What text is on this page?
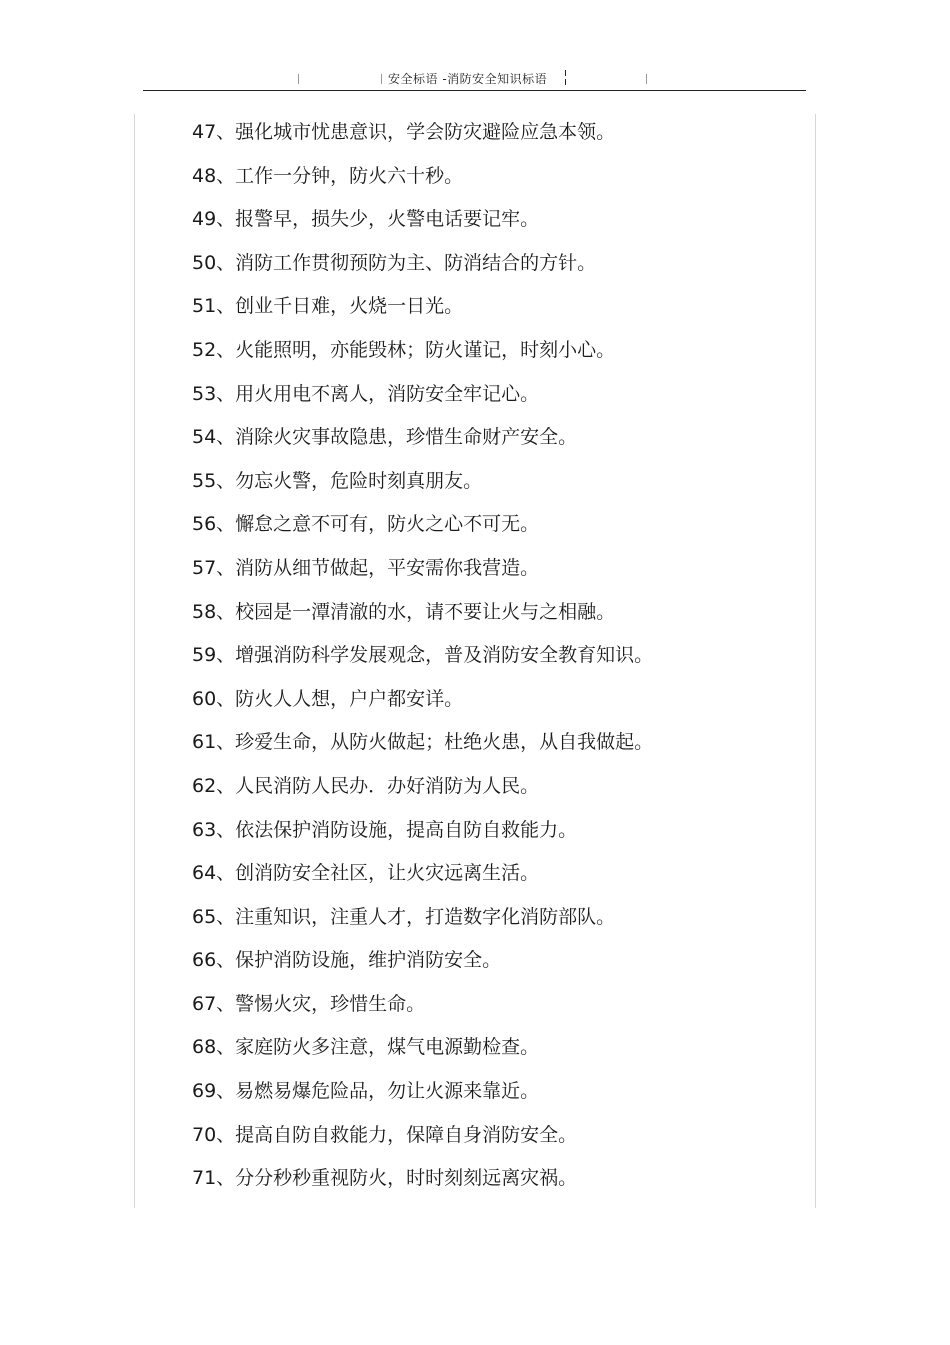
安全标语 -消防安全知识标语
47、强化城市忧患意识，学会防灾避险应急本领。
48、工作一分钟，防火六十秒。
49、报警早，损失少，火警电话要记牢。
50、消防工作贯彻预防为主、防消结合的方针。
51、创业千日难，火烧一日光。
52、火能照明，亦能毁林；防火谨记，时刻小心。
53、用火用电不离人，消防安全牢记心。
54、消除火灾事故隐患，珍惜生命财产安全。
55、勿忘火警，危险时刻真朋友。
56、懈怠之意不可有，防火之心不可无。
57、消防从细节做起，平安需你我营造。
58、校园是一潭清澈的水，请不要让火与之相融。
59、增强消防科学发展观念，普及消防安全教育知识。
60、防火人人想，户户都安详。
61、珍爱生命，从防火做起；杜绝火患，从自我做起。
62、人民消防人民办．办好消防为人民。
63、依法保护消防设施，提高自防自救能力。
64、创消防安全社区，让火灾远离生活。
65、注重知识，注重人才，打造数字化消防部队。
66、保护消防设施，维护消防安全。
67、警惕火灾，珍惜生命。
68、家庭防火多注意，煤气电源勤检查。
69、易燃易爆危险品，勿让火源来靠近。
70、提高自防自救能力，保障自身消防安全。
71、分分秒秒重视防火，时时刻刻远离灾祸。
